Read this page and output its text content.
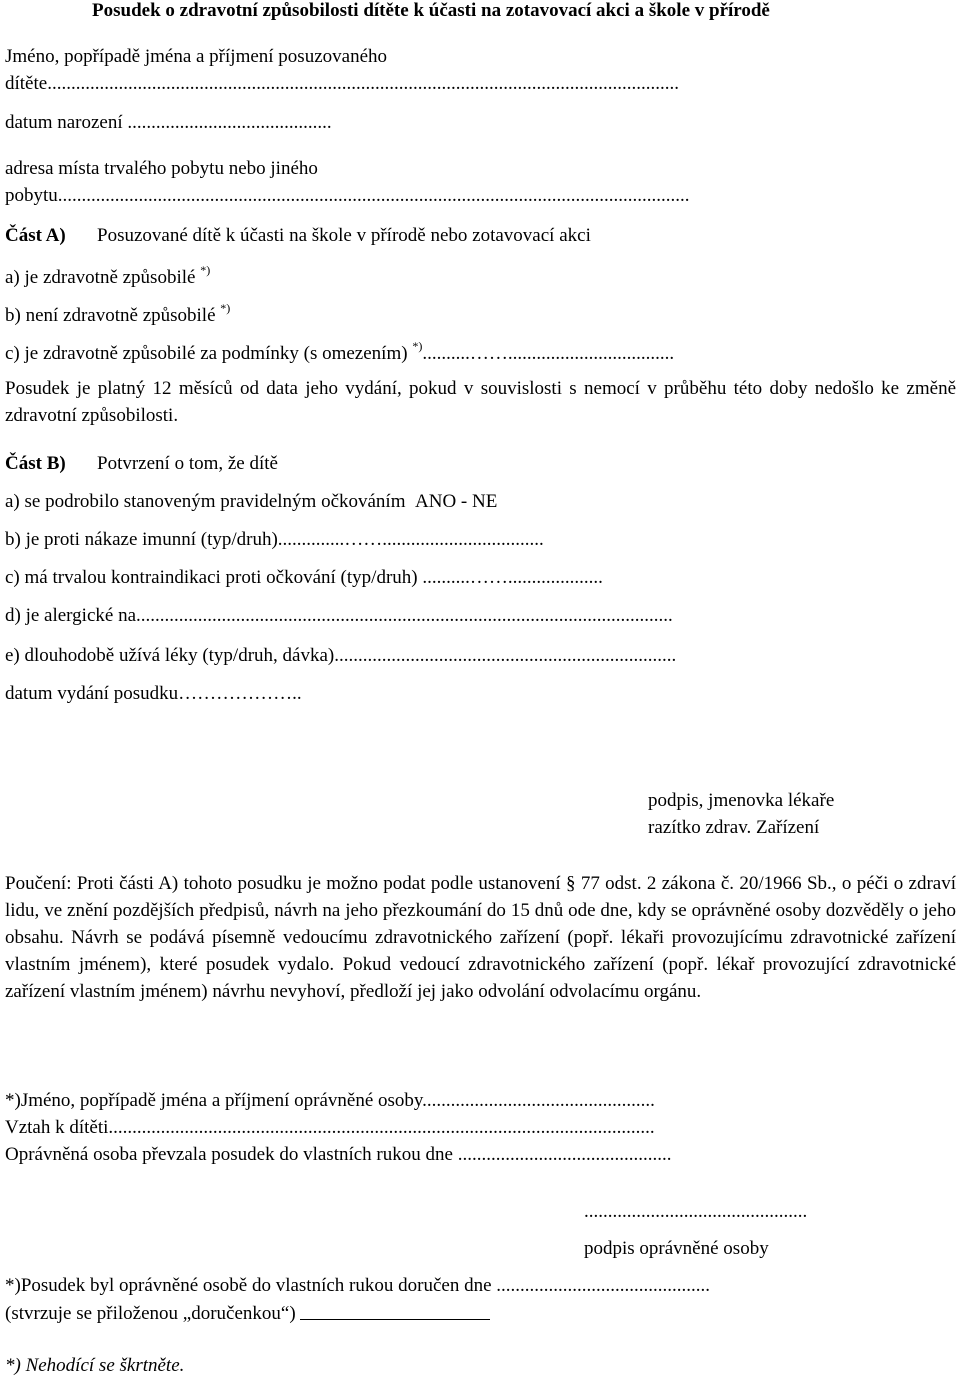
Posudek o zdravotní způsobilosti dítěte k účasti na zotavovací akci a škole v přírodě
Jméno, popřípadě jména a příjmení posuzovaného
dítěte.....................................................................................................................................
datum narození ...........................................
adresa místa trvalého pobytu nebo jiného
pobytu.....................................................................................................................................
Část A) Posuzované dítě k účasti na škole v přírodě nebo zotavovací akci
a) je zdravotně způsobilé *)
b) není zdravotně způsobilé *)
c) je zdravotně způsobilé za podmínky (s omezením) *)..........……...................................
Posudek je platný 12 měsíců od data jeho vydání, pokud v souvislosti s nemocí v průběhu této doby nedošlo ke změně zdravotní způsobilosti.
Část B) Potvrzení o tom, že dítě
a) se podrobilo stanoveným pravidelným očkováním ANO - NE
b) je proti nákaze imunní (typ/druh)..............……..................................
c) má trvalou kontraindikaci proti očkování (typ/druh) ..........……....................
d) je alergické na.................................................................................................................
e) dlouhodobě užívá léky (typ/druh, dávka)........................................................................
datum vydání posudku………………..
podpis, jmenovka lékaře
razítko zdrav. Zařízení
Poučení: Proti části A) tohoto posudku je možno podat podle ustanovení § 77 odst. 2 zákona č. 20/1966 Sb., o péči o zdraví lidu, ve znění pozdějších předpisů, návrh na jeho přezkoumání do 15 dnů ode dne, kdy se oprávněné osoby dozvěděly o jeho obsahu. Návrh se podává písemně vedoucímu zdravotnického zařízení (popř. lékaři provozujícímu zdravotnické zařízení vlastním jménem), které posudek vydalo. Pokud vedoucí zdravotnického zařízení (popř. lékař provozující zdravotnické zařízení vlastním jménem) návrhu nevyhoví, předloží jej jako odvolání odvolacímu orgánu.
*)Jméno, popřípadě jména a příjmení oprávněné osoby.................................................
Vztah k dítěti...................................................................................................................
Oprávněná osoba převzala posudek do vlastních rukou dne .............................................
...............................................
podpis oprávněné osoby
*)Posudek byl oprávněné osobě do vlastních rukou doručen dne .............................................
(stvrzuje se přiloženou „doručenkou“)
*) Nehodící se škrtněte.
